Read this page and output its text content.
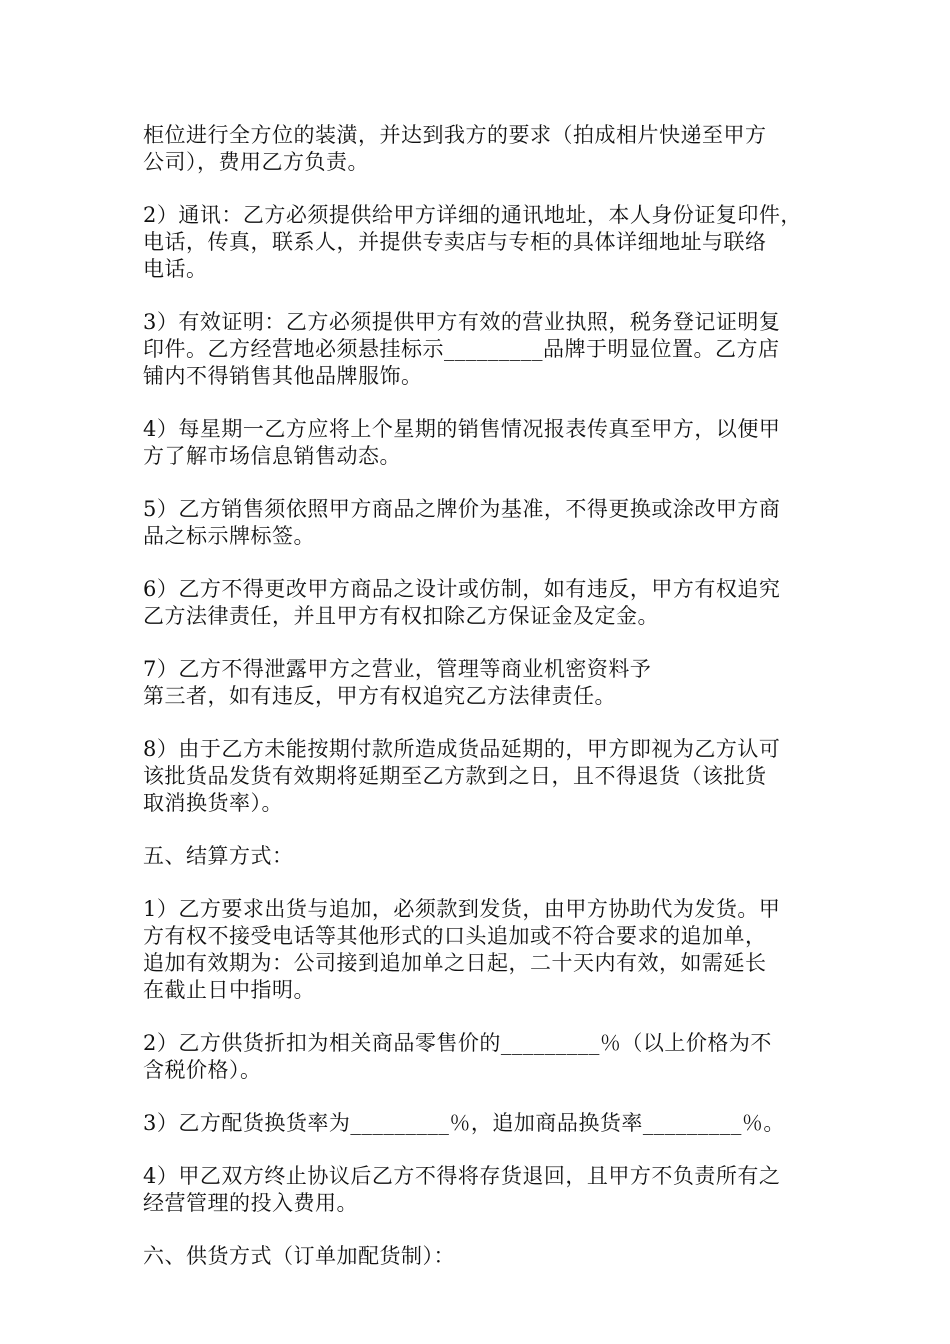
柜位进行全方位的装潢，并达到我方的要求（拍成相片快递至甲方
公司），费用乙方负责。

2）通讯：乙方必须提供给甲方详细的通讯地址，本人身份证复印件，
电话，传真，联系人，并提供专卖店与专柜的具体详细地址与联络
电话。

3）有效证明：乙方必须提供甲方有效的营业执照，税务登记证明复
印件。乙方经营地必须悬挂标示_________品牌于明显位置。乙方店
铺内不得销售其他品牌服饰。

4）每星期一乙方应将上个星期的销售情况报表传真至甲方，以便甲
方了解市场信息销售动态。

5）乙方销售须依照甲方商品之牌价为基准，不得更换或涂改甲方商
品之标示牌标签。

6）乙方不得更改甲方商品之设计或仿制，如有违反，甲方有权追究
乙方法律责任，并且甲方有权扣除乙方保证金及定金。

7）乙方不得泄露甲方之营业，管理等商业机密资料予
第三者，如有违反，甲方有权追究乙方法律责任。

8）由于乙方未能按期付款所造成货品延期的，甲方即视为乙方认可
该批货品发货有效期将延期至乙方款到之日，且不得退货（该批货
取消换货率）。

五、结算方式：

1）乙方要求出货与追加，必须款到发货，由甲方协助代为发货。甲
方有权不接受电话等其他形式的口头追加或不符合要求的追加单，
追加有效期为：公司接到追加单之日起，二十天内有效，如需延长
在截止日中指明。

2）乙方供货折扣为相关商品零售价的_________％（以上价格为不
含税价格）。

3）乙方配货换货率为_________％，追加商品换货率_________％。

4）甲乙双方终止协议后乙方不得将存货退回，且甲方不负责所有之
经营管理的投入费用。

六、供货方式（订单加配货制）：
